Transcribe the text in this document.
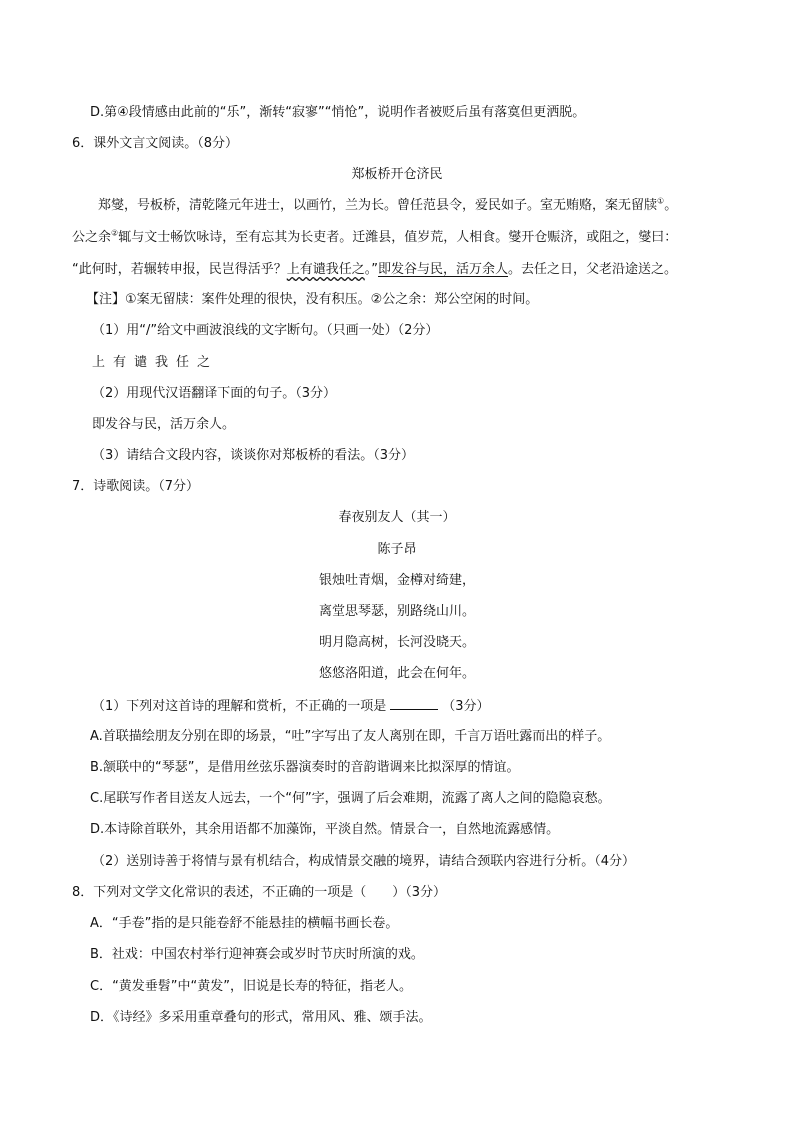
D.第④段情感由此前的“乐”，渐转“寂寥”“悄怆”，说明作者被贬后虽有落寞但更洒脱。
6．课外文言文阅读。（8分）
郑板桥开仓济民
郑燮，号板桥，清乾隆元年进士，以画竹，兰为长。曾任范县令，爱民如子。室无贿赂，案无留牍①。
公之余②辄与文士畅饮咏诗，至有忘其为长吏者。迁潍县，值岁荒，人相食。燮开仓赈济，或阻之，燮曰：
“此何时，若辗转申报，民岂得活乎？上有谴我任之。”即发谷与民，活万余人。去任之日，父老沿途送之。
【注】①案无留牍：案件处理的很快，没有积压。②公之余：郑公空闲的时间。
（1）用“/”给文中画波浪线的文字断句。（只画一处）（2分）
上有谴我任之
（2）用现代汉语翻译下面的句子。（3分）
即发谷与民，活万余人。
（3）请结合文段内容，谈谈你对郑板桥的看法。（3分）
7．诗歌阅读。（7分）
春夜别友人（其一）
陈子昂
银烛吐青烟，金樽对绮建，
离堂思琴瑟，别路绕山川。
明月隐高树，长河没晓天。
悠悠洛阳道，此会在何年。
（1）下列对这首诗的理解和赏析，不正确的一项是	（3分）
A.首联描绘朋友分别在即的场景，“吐”字写出了友人离别在即，千言万语吐露而出的样子。
B.颔联中的“琴瑟”，是借用丝弦乐器演奏时的音韵谐调来比拟深厚的情谊。
C.尾联写作者目送友人远去，一个“何”字，强调了后会难期，流露了离人之间的隐隐哀愁。
D.本诗除首联外，其余用语都不加藻饰，平淡自然。情景合一，自然地流露感情。
（2）送别诗善于将情与景有机结合，构成情景交融的境界，请结合颈联内容进行分析。（4分）
8．下列对文学文化常识的表述，不正确的一项是（　　）（3分）
A．“手卷”指的是只能卷舒不能悬挂的横幅书画长卷。
B．社戏：中国农村举行迎神赛会或岁时节庆时所演的戏。
C．“黄发垂髫”中“黄发”，旧说是长寿的特征，指老人。
D．《诗经》多采用重章叠句的形式，常用风、雅、颂手法。
